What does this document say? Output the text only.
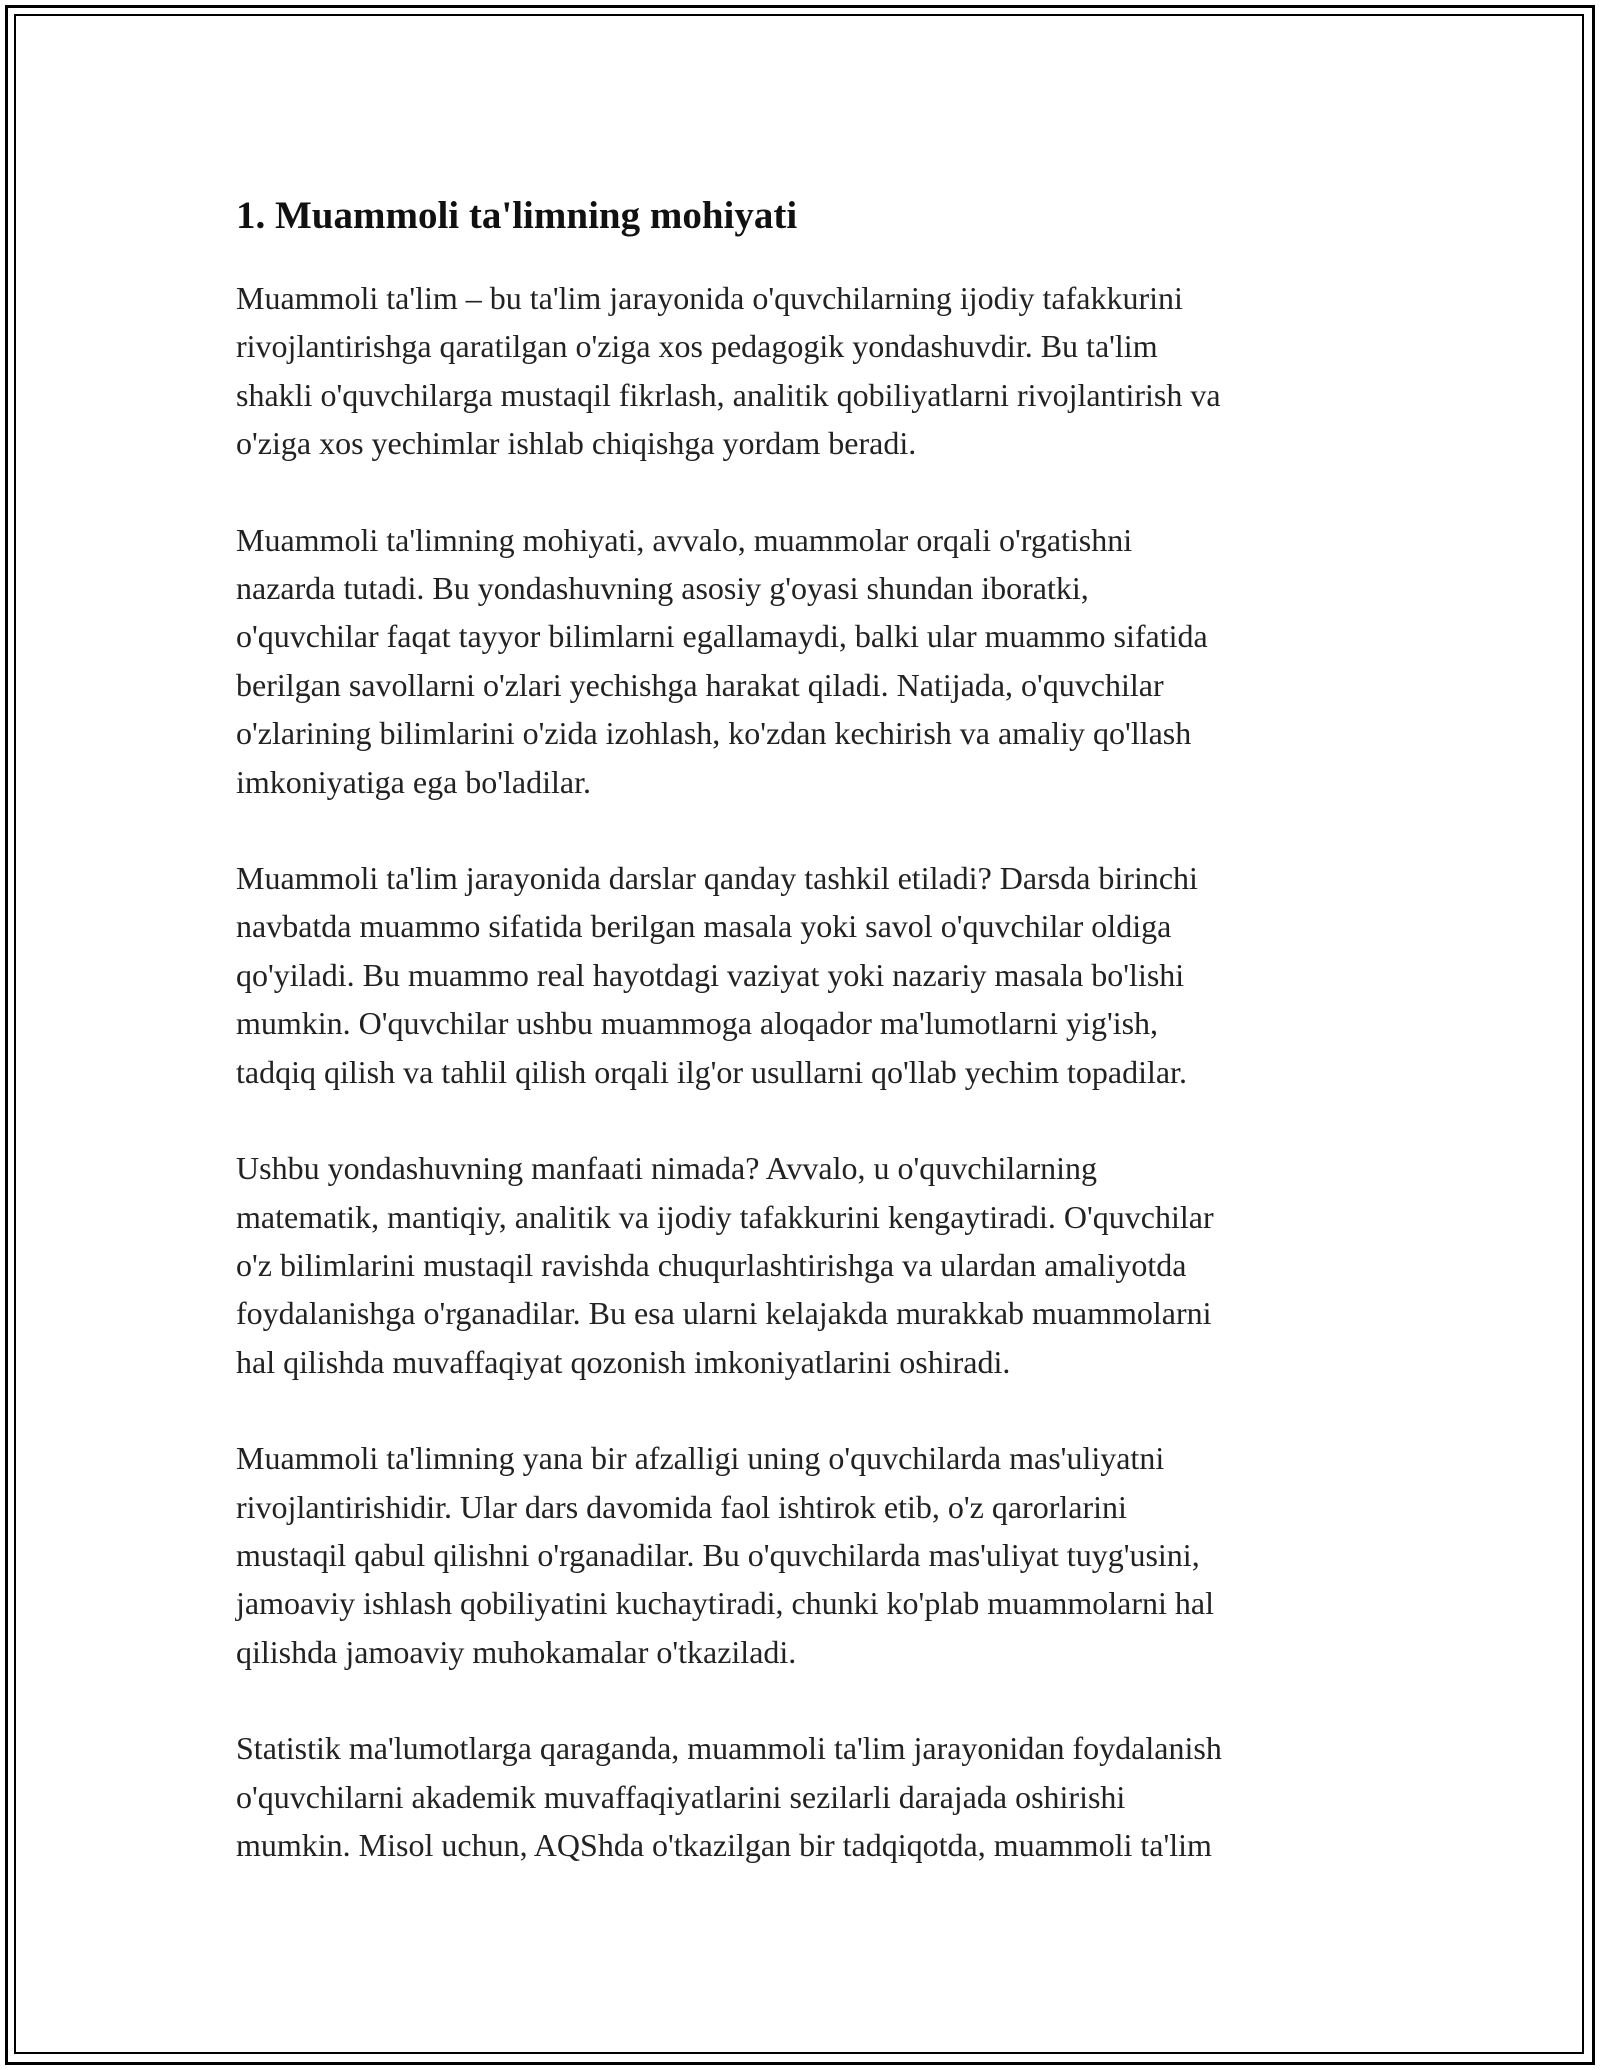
1. Muammoli ta'limning mohiyati

Muammoli ta'lim – bu ta'lim jarayonida o'quvchilarning ijodiy tafakkurini
rivojlantirishga qaratilgan o'ziga xos pedagogik yondashuvdir. Bu ta'lim
shakli o'quvchilarga mustaqil fikrlash, analitik qobiliyatlarni rivojlantirish va
o'ziga xos yechimlar ishlab chiqishga yordam beradi.

Muammoli ta'limning mohiyati, avvalo, muammolar orqali o'rgatishni
nazarda tutadi. Bu yondashuvning asosiy g'oyasi shundan iboratki,
o'quvchilar faqat tayyor bilimlarni egallamaydi, balki ular muammo sifatida
berilgan savollarni o'zlari yechishga harakat qiladi. Natijada, o'quvchilar
o'zlarining bilimlarini o'zida izohlash, ko'zdan kechirish va amaliy qo'llash
imkoniyatiga ega bo'ladilar.

Muammoli ta'lim jarayonida darslar qanday tashkil etiladi? Darsda birinchi
navbatda muammo sifatida berilgan masala yoki savol o'quvchilar oldiga
qo'yiladi. Bu muammo real hayotdagi vaziyat yoki nazariy masala bo'lishi
mumkin. O'quvchilar ushbu muammoga aloqador ma'lumotlarni yig'ish,
tadqiq qilish va tahlil qilish orqali ilg'or usullarni qo'llab yechim topadilar.

Ushbu yondashuvning manfaati nimada? Avvalo, u o'quvchilarning
matematik, mantiqiy, analitik va ijodiy tafakkurini kengaytiradi. O'quvchilar
o'z bilimlarini mustaqil ravishda chuqurlashtirishga va ulardan amaliyotda
foydalanishga o'rganadilar. Bu esa ularni kelajakda murakkab muammolarni
hal qilishda muvaffaqiyat qozonish imkoniyatlarini oshiradi.

Muammoli ta'limning yana bir afzalligi uning o'quvchilarda mas'uliyatni
rivojlantirishidir. Ular dars davomida faol ishtirok etib, o'z qarorlarini
mustaqil qabul qilishni o'rganadilar. Bu o'quvchilarda mas'uliyat tuyg'usini,
jamoaviy ishlash qobiliyatini kuchaytiradi, chunki ko'plab muammolarni hal
qilishda jamoaviy muhokamalar o'tkaziladi.

Statistik ma'lumotlarga qaraganda, muammoli ta'lim jarayonidan foydalanish
o'quvchilarni akademik muvaffaqiyatlarini sezilarli darajada oshirishi
mumkin. Misol uchun, AQShda o'tkazilgan bir tadqiqotda, muammoli ta'lim
